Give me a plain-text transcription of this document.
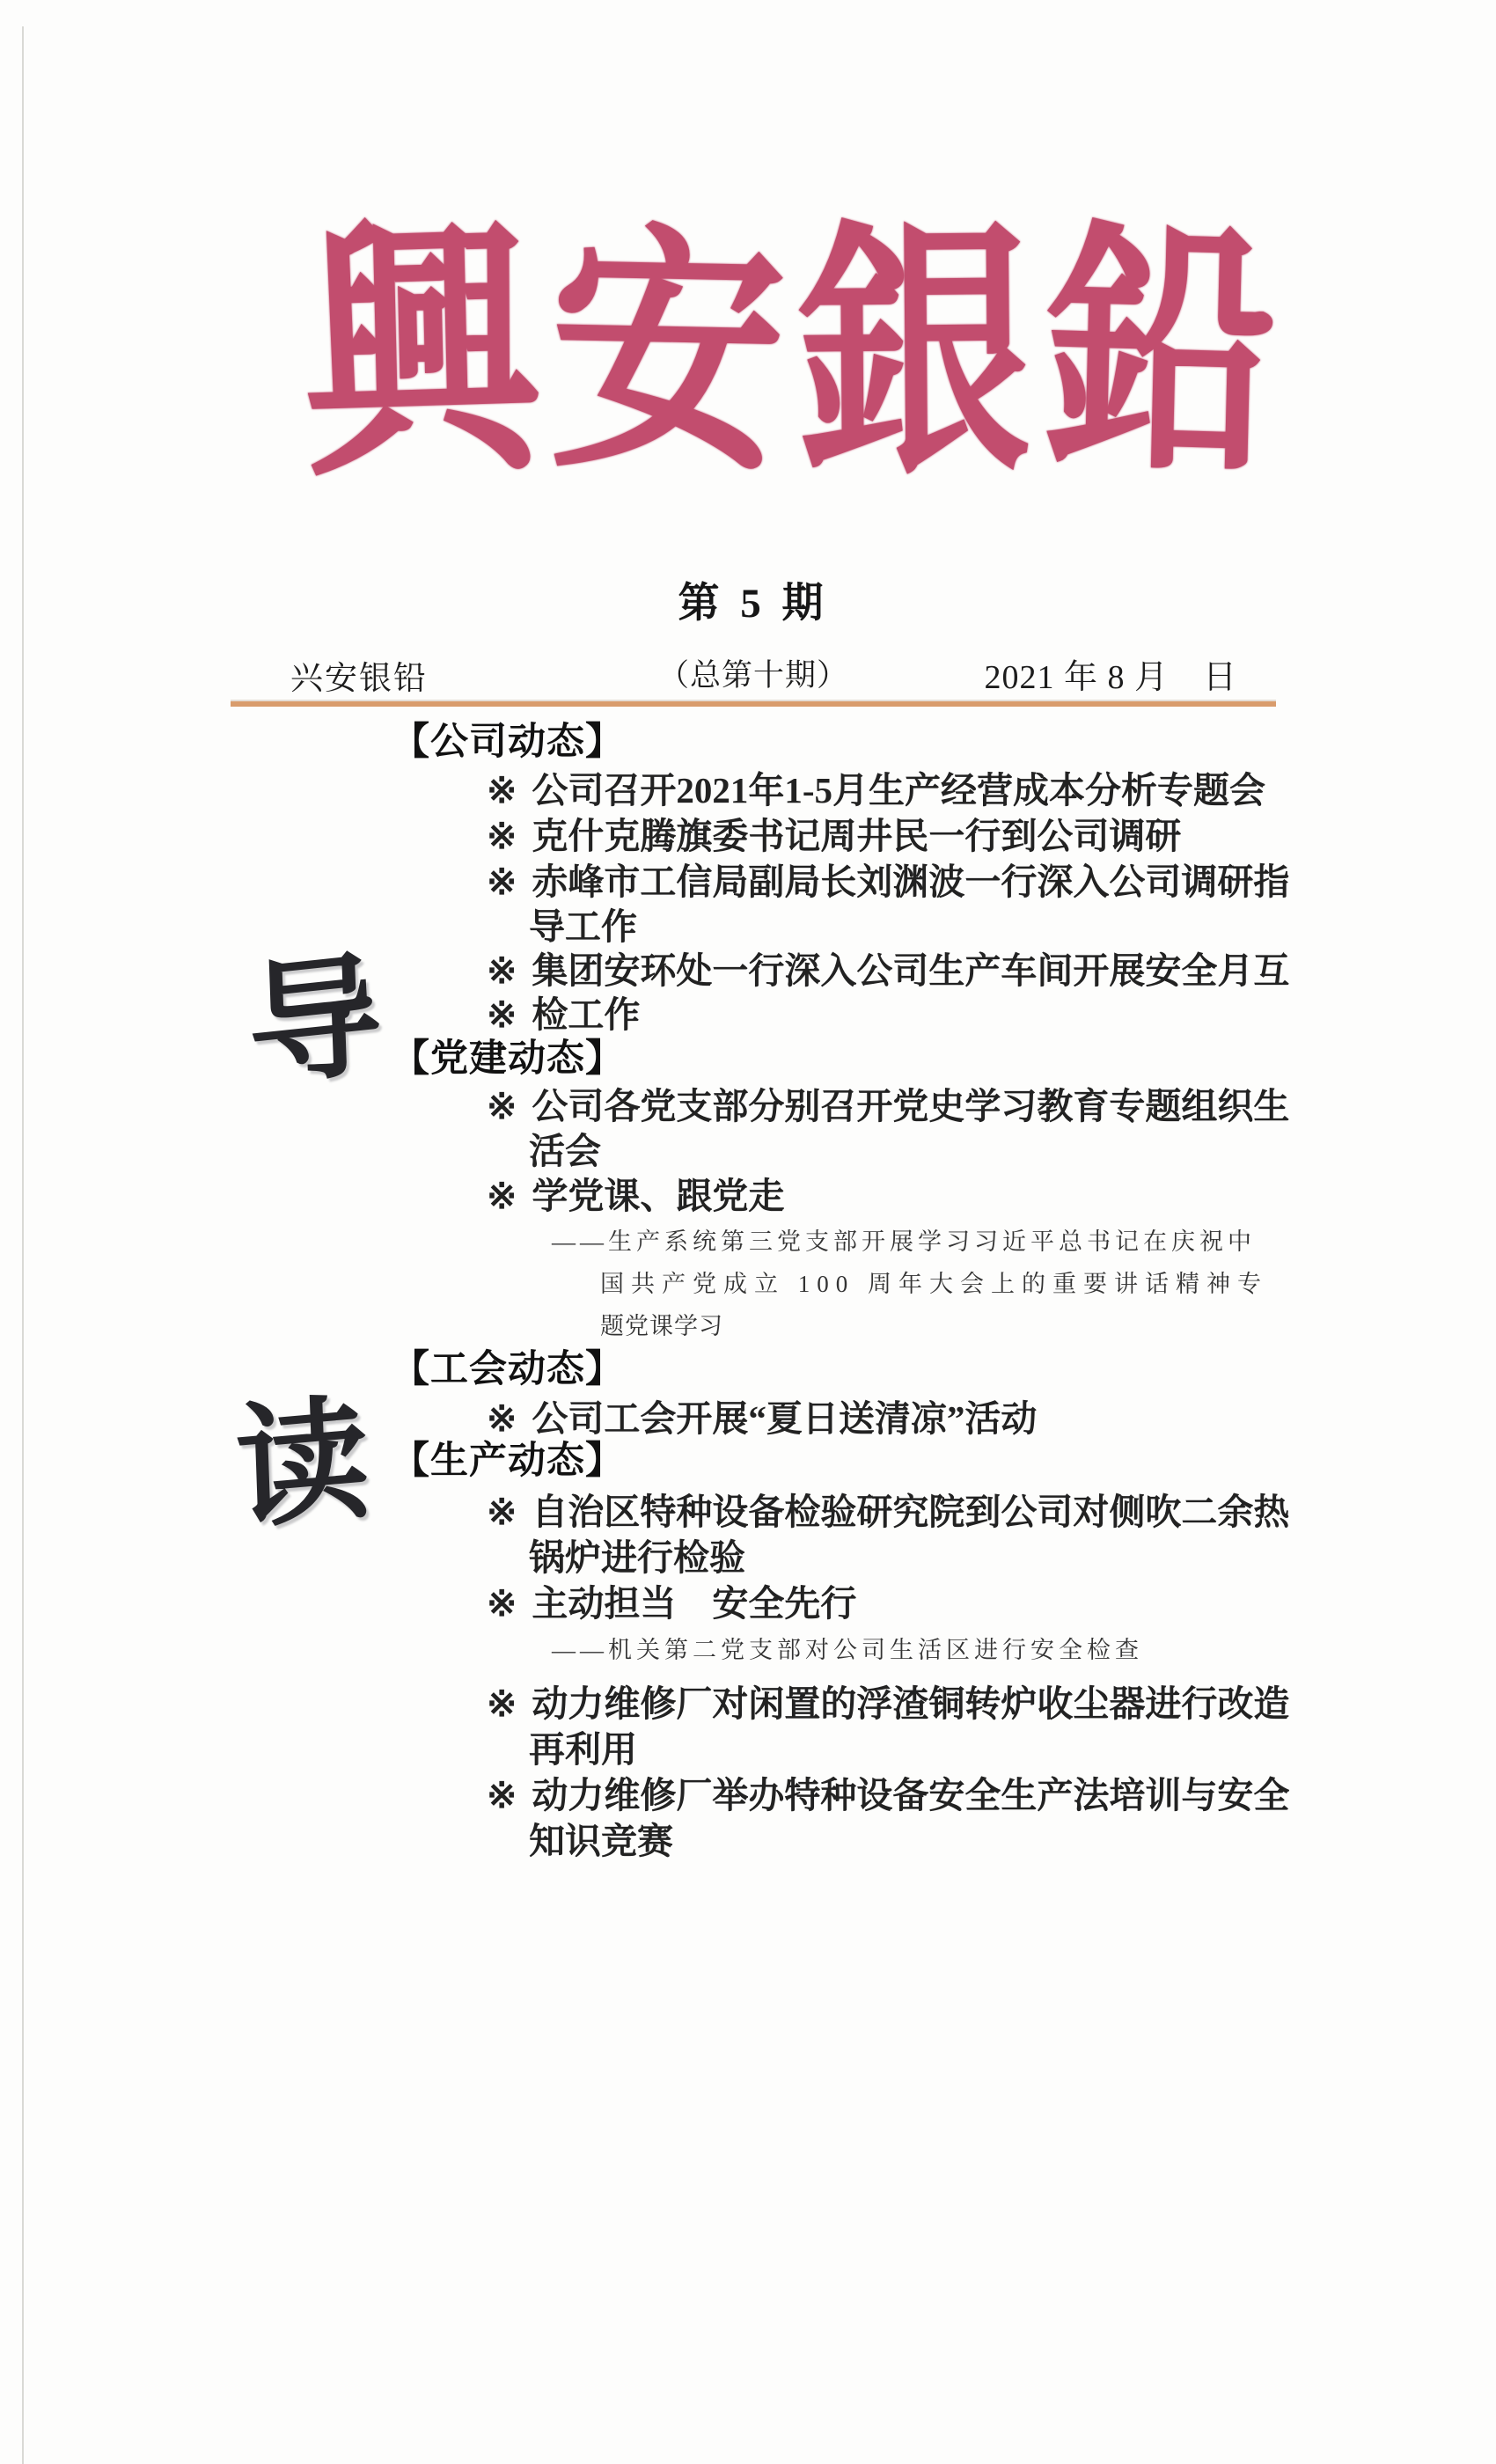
興 安 銀 鉛
第 5 期
兴安银铅	（总第十期）	2021 年 8 月　日
导
读
【公司动态】
※ 公司召开2021年1-5月生产经营成本分析专题会
※ 克什克腾旗委书记周井民一行到公司调研
※ 赤峰市工信局副局长刘渊波一行深入公司调研指
导工作
※ 集团安环处一行深入公司生产车间开展安全月互
※ 检工作
【党建动态】
※ 公司各党支部分别召开党史学习教育专题组织生
活会
※ 学党课、跟党走
——生产系统第三党支部开展学习习近平总书记在庆祝中
国共产党成立 100 周年大会上的重要讲话精神专
题党课学习
【工会动态】
※ 公司工会开展“夏日送清凉”活动
【生产动态】
※ 自治区特种设备检验研究院到公司对侧吹二余热
锅炉进行检验
※ 主动担当　安全先行
——机关第二党支部对公司生活区进行安全检查
※ 动力维修厂对闲置的浮渣铜转炉收尘器进行改造
再利用
※ 动力维修厂举办特种设备安全生产法培训与安全
知识竞赛
